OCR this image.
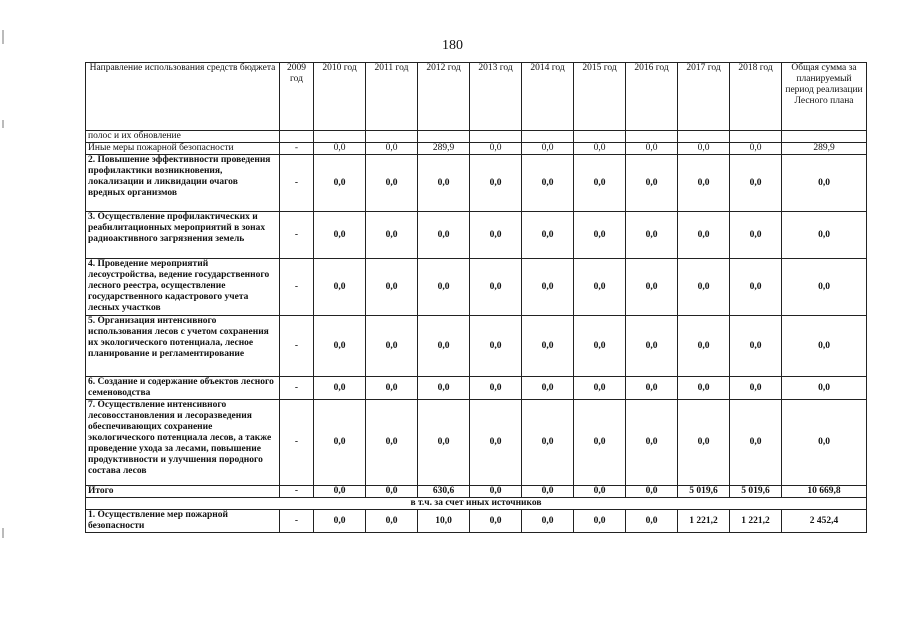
180
Направление использования средств бюджета	2009 год	2010 год	2011 год	2012 год	2013 год	2014 год	2015 год	2016 год	2017 год	2018 год	Общая сумма за планируемый период реализации Лесного плана
полос и их обновление											
Иные меры пожарной безопасности	-	0,0	0,0	289,9	0,0	0,0	0,0	0,0	0,0	0,0	289,9
2. Повышение эффективности проведения профилактики возникновения, локализации и ликвидации очагов вредных организмов	-	0,0	0,0	0,0	0,0	0,0	0,0	0,0	0,0	0,0	0,0
3. Осуществление профилактических и реабилитационных мероприятий в зонах радиоактивного загрязнения земель	-	0,0	0,0	0,0	0,0	0,0	0,0	0,0	0,0	0,0	0,0
4. Проведение мероприятий лесоустройства, ведение государственного лесного реестра, осуществление государственного кадастрового учета лесных участков	-	0,0	0,0	0,0	0,0	0,0	0,0	0,0	0,0	0,0	0,0
5. Организация интенсивного использования лесов с учетом сохранения их экологического потенциала, лесное планирование и регламентирование	-	0,0	0,0	0,0	0,0	0,0	0,0	0,0	0,0	0,0	0,0
6. Создание и содержание объектов лесного семеноводства	-	0,0	0,0	0,0	0,0	0,0	0,0	0,0	0,0	0,0	0,0
7. Осуществление интенсивного лесовосстановления и лесоразведения обеспечивающих сохранение экологического потенциала лесов, а также проведение ухода за лесами, повышение продуктивности и улучшения породного состава лесов	-	0,0	0,0	0,0	0,0	0,0	0,0	0,0	0,0	0,0	0,0
Итого	-	0,0	0,0	630,6	0,0	0,0	0,0	0,0	5 019,6	5 019,6	10 669,8
в т.ч. за счет иных источников											
1. Осуществление мер пожарной безопасности	-	0,0	0,0	10,0	0,0	0,0	0,0	0,0	1 221,2	1 221,2	2 452,4
